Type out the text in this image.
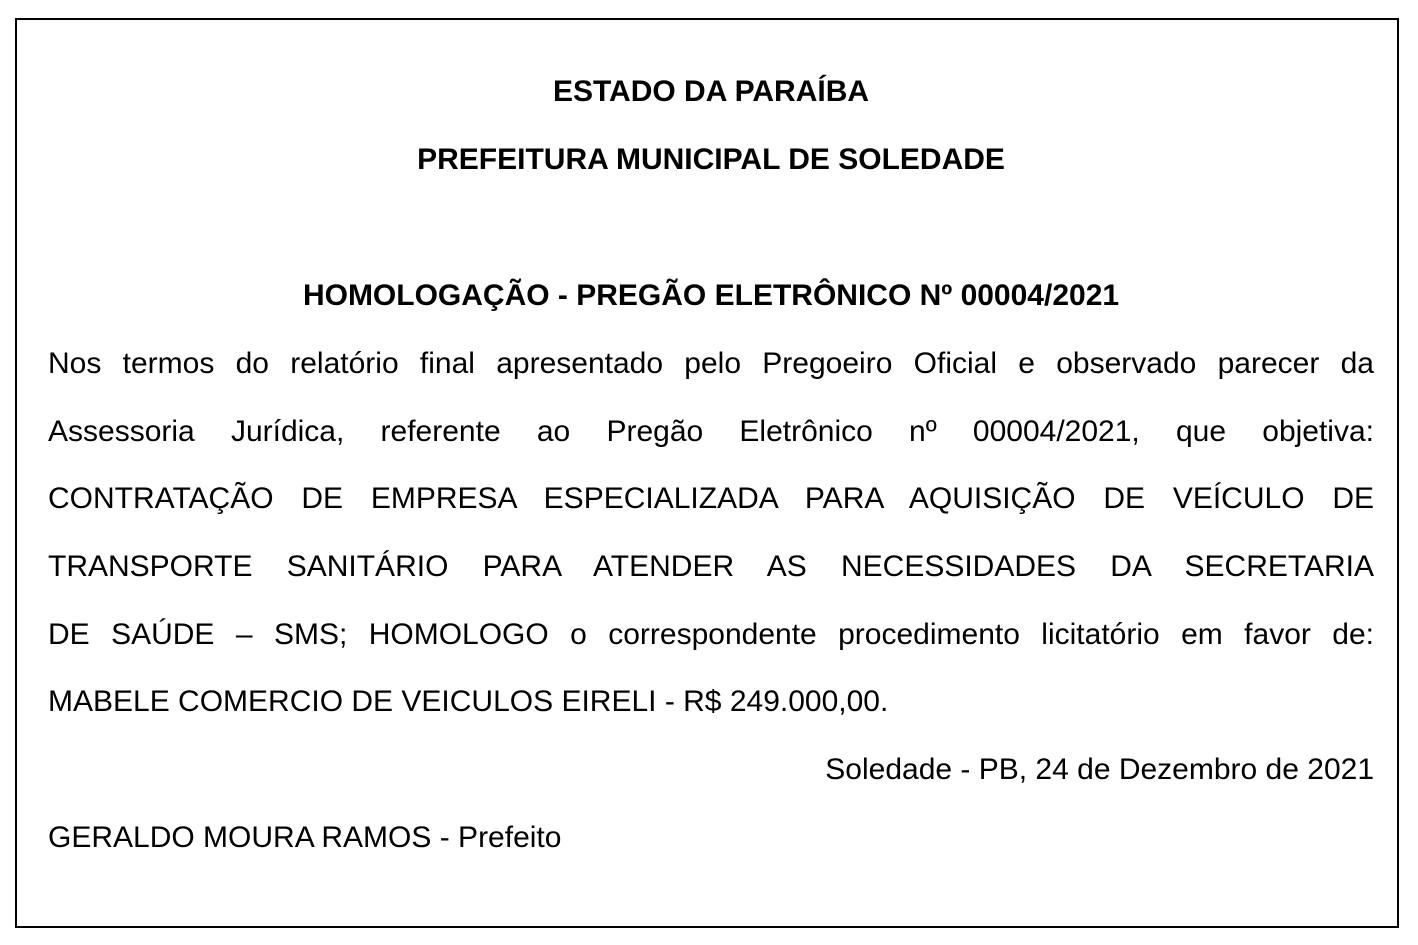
ESTADO DA PARAÍBA
PREFEITURA MUNICIPAL DE SOLEDADE
HOMOLOGAÇÃO - PREGÃO ELETRÔNICO Nº 00004/2021
Nos termos do relatório final apresentado pelo Pregoeiro Oficial e observado parecer da
Assessoria Jurídica, referente ao Pregão Eletrônico nº 00004/2021, que objetiva:
CONTRATAÇÃO DE EMPRESA ESPECIALIZADA PARA AQUISIÇÃO DE VEÍCULO DE
TRANSPORTE SANITÁRIO PARA ATENDER AS NECESSIDADES DA SECRETARIA
DE SAÚDE – SMS; HOMOLOGO o correspondente procedimento licitatório em favor de:
MABELE COMERCIO DE VEICULOS EIRELI - R$ 249.000,00.
Soledade - PB, 24 de Dezembro de 2021
GERALDO MOURA RAMOS - Prefeito
